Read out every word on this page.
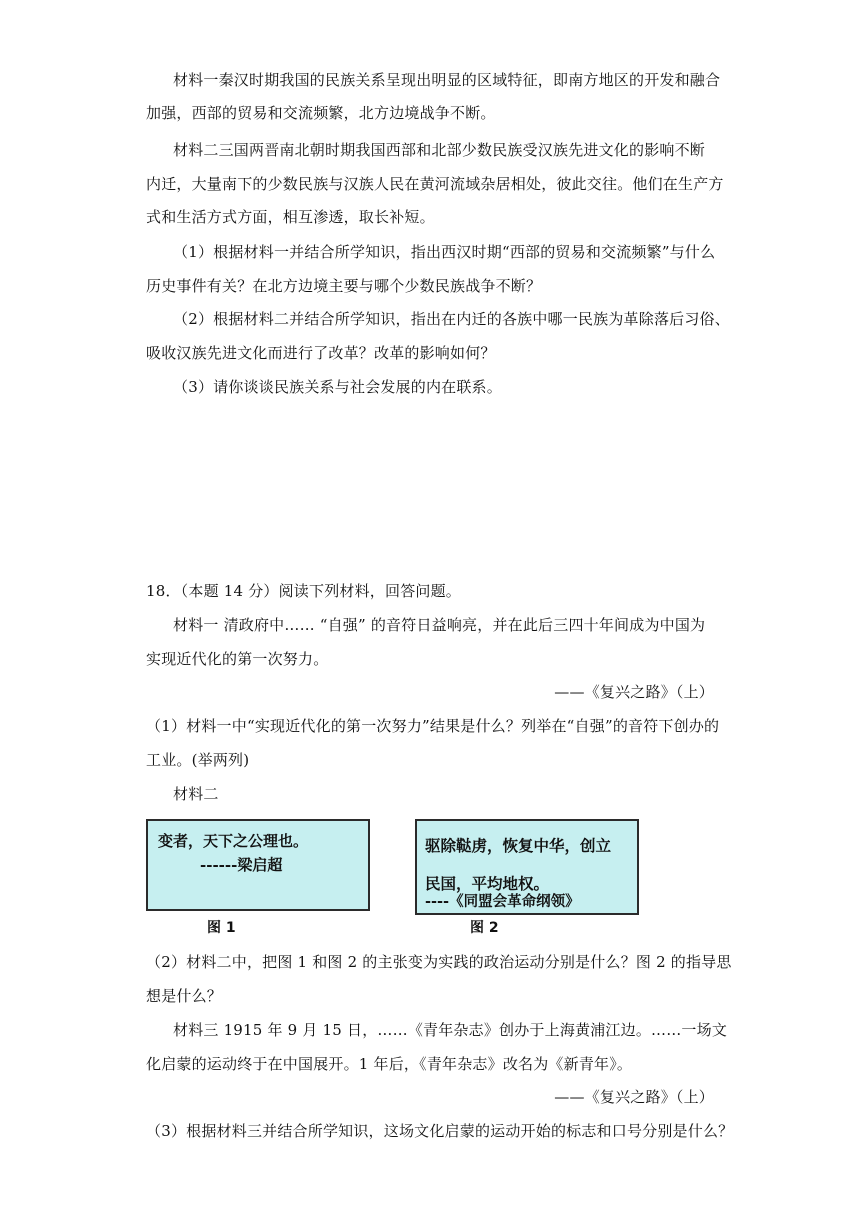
材料一秦汉时期我国的民族关系呈现出明显的区域特征，即南方地区的开发和融合
加强，西部的贸易和交流频繁，北方边境战争不断。
材料二三国两晋南北朝时期我国西部和北部少数民族受汉族先进文化的影响不断
内迁，大量南下的少数民族与汉族人民在黄河流域杂居相处，彼此交往。他们在生产方
式和生活方式方面，相互渗透，取长补短。
（1）根据材料一并结合所学知识，指出西汉时期“西部的贸易和交流频繁”与什么
历史事件有关？在北方边境主要与哪个少数民族战争不断？
（2）根据材料二并结合所学知识，指出在内迁的各族中哪一民族为革除落后习俗、
吸收汉族先进文化而进行了改革？改革的影响如何？
（3）请你谈谈民族关系与社会发展的内在联系。
18．（本题 14 分）阅读下列材料，回答问题。
材料一 清政府中…… “自强” 的音符日益响亮，并在此后三四十年间成为中国为
实现近代化的第一次努力。
——《复兴之路》（上）
（1）材料一中“实现近代化的第一次努力”结果是什么？列举在“自强”的音符下创办的
工业。(举两列)
材料二
变者，天下之公理也。
------梁启超
图 1
驱除鞑虏，恢复中华，创立
民国，平均地权。
----《同盟会革命纲领》
图 2
（2）材料二中，把图 1 和图 2 的主张变为实践的政治运动分别是什么？图 2 的指导思
想是什么？
材料三 1915 年 9 月 15 日，……《青年杂志》创办于上海黄浦江边。……一场文
化启蒙的运动终于在中国展开。1 年后，《青年杂志》改名为《新青年》。
——《复兴之路》（上）
（3）根据材料三并结合所学知识，这场文化启蒙的运动开始的标志和口号分别是什么？
